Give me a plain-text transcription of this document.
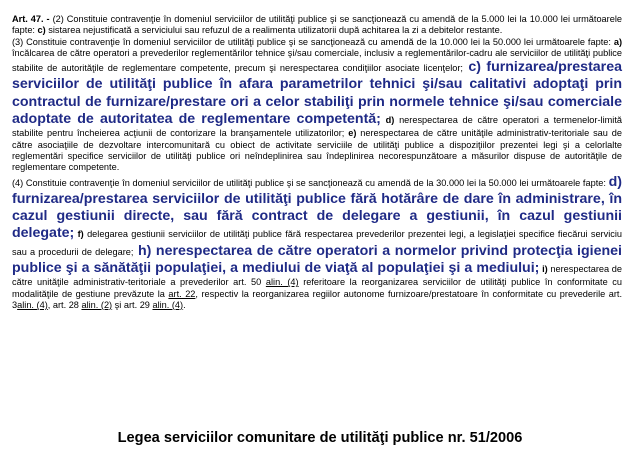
Art. 47. - (2) Constituie contravenţie în domeniul serviciilor de utilităţi publice şi se sancţionează cu amendă de la 5.000 lei la 10.000 lei următoarele fapte: c) sistarea nejustificată a serviciului sau refuzul de a realimenta utilizatorii după achitarea la zi a debitelor restante.

(3) Constituie contravenţie în domeniul serviciilor de utilităţi publice şi se sancţionează cu amendă de la 10.000 lei la 50.000 lei următoarele fapte: a) încălcarea de către operatori a prevederilor reglementărilor tehnice şi/sau comerciale, inclusiv a reglementărilor-cadru ale serviciilor de utilităţi publice stabilite de autorităţile de reglementare competente, precum şi nerespectarea condiţiilor asociate licenţelor; c) furnizarea/prestarea serviciilor de utilităţi publice în afara parametrilor tehnici şi/sau calitativi adoptaţi prin contractul de furnizare/prestare ori a celor stabiliţi prin normele tehnice şi/sau comerciale adoptate de autoritatea de reglementare competentă; d) nerespectarea de către operatori a termenelor-limită stabilite pentru încheierea acţiunii de contorizare la branşamentele utilizatorilor; e) nerespectarea de către unităţile administrativ-teritoriale sau de către asociaţiile de dezvoltare intercomunitară cu obiect de activitate serviciile de utilităţi publice a dispoziţiilor prezentei legi şi a celorlalte reglementări specifice serviciilor de utilităţi publice ori neîndeplinirea sau îndeplinirea necorespunzătoare a măsurilor dispuse de autorităţile de reglementare competente.

(4) Constituie contravenţie în domeniul serviciilor de utilităţi publice şi se sancţionează cu amendă de la 30.000 lei la 50.000 lei următoarele fapte: d) furnizarea/prestarea serviciilor de utilităţi publice fără hotărâre de dare în administrare, în cazul gestiunii directe, sau fără contract de delegare a gestiunii, în cazul gestiunii delegate; f) delegarea gestiunii serviciilor de utilităţi publice fără respectarea prevederilor prezentei legi, a legislaţiei specifice fiecărui serviciu sau a procedurii de delegare; h) nerespectarea de către operatori a normelor privind protecţia igienei publice şi a sănătăţii populaţiei, a mediului de viaţă al populaţiei şi a mediului; i) nerespectarea de către unităţile administrativ-teritoriale a prevederilor art. 50 alin. (4) referitoare la reorganizarea serviciilor de utilităţi publice în conformitate cu modalităţile de gestiune prevăzute la art. 22, respectiv la reorganizarea regiilor autonome furnizoare/prestatoare în conformitate cu prevederile art. 3alin. (4), art. 28 alin. (2) şi art. 29 alin. (4).

Legea serviciilor comunitare de utilităţi publice nr. 51/2006
